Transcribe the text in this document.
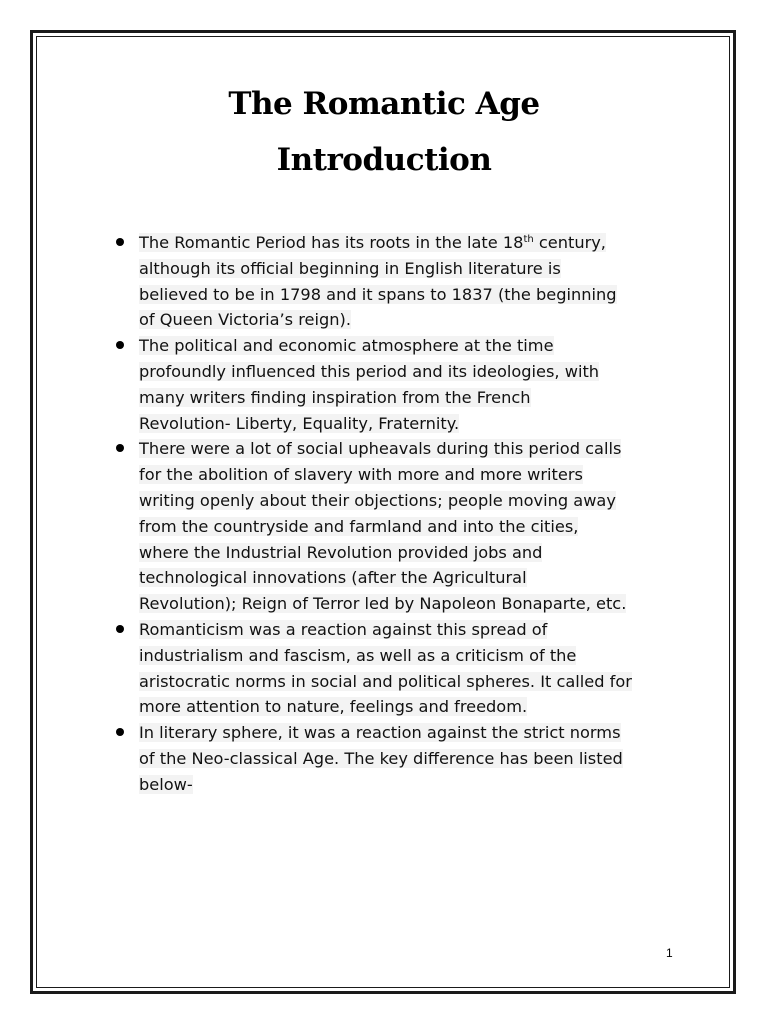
The Romantic Age
Introduction
The Romantic Period has its roots in the late 18th century,
although its official beginning in English literature is
believed to be in 1798 and it spans to 1837 (the beginning
of Queen Victoria’s reign).
The political and economic atmosphere at the time
profoundly influenced this period and its ideologies, with
many writers finding inspiration from the French
Revolution- Liberty, Equality, Fraternity.
There were a lot of social upheavals during this period calls
for the abolition of slavery with more and more writers
writing openly about their objections; people moving away
from the countryside and farmland and into the cities,
where the Industrial Revolution provided jobs and
technological innovations (after the Agricultural
Revolution); Reign of Terror led by Napoleon Bonaparte, etc.
Romanticism was a reaction against this spread of
industrialism and fascism, as well as a criticism of the
aristocratic norms in social and political spheres. It called for
more attention to nature, feelings and freedom.
In literary sphere, it was a reaction against the strict norms
of the Neo-classical Age. The key difference has been listed
below-
1
